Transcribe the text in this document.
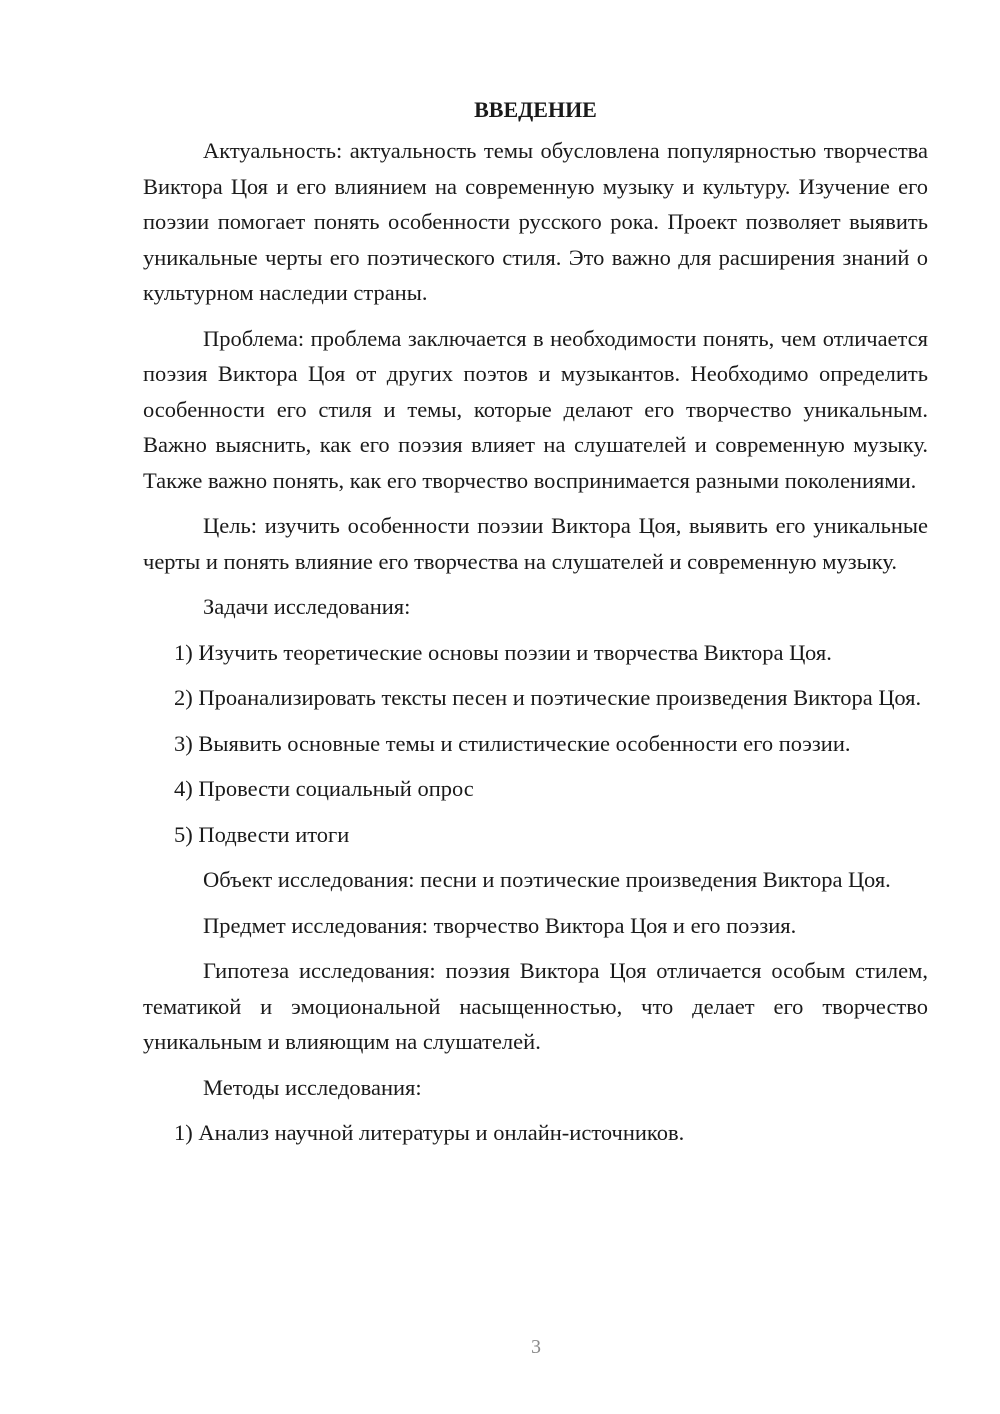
ВВЕДЕНИЕ

Актуальность: актуальность темы обусловлена популярностью творчества Виктора Цоя и его влиянием на современную музыку и культуру. Изучение его поэзии помогает понять особенности русского рока. Проект позволяет выявить уникальные черты его поэтического стиля. Это важно для расширения знаний о культурном наследии страны.

Проблема: проблема заключается в необходимости понять, чем отличается поэзия Виктора Цоя от других поэтов и музыкантов. Необходимо определить особенности его стиля и темы, которые делают его творчество уникальным. Важно выяснить, как его поэзия влияет на слушателей и современную музыку. Также важно понять, как его творчество воспринимается разными поколениями.

Цель: изучить особенности поэзии Виктора Цоя, выявить его уникальные черты и понять влияние его творчества на слушателей и современную музыку.

Задачи исследования:

1) Изучить теоретические основы поэзии и творчества Виктора Цоя.

2) Проанализировать тексты песен и поэтические произведения Виктора Цоя.

3) Выявить основные темы и стилистические особенности его поэзии.

4) Провести социальный опрос

5) Подвести итоги

Объект исследования: песни и поэтические произведения Виктора Цоя.

Предмет исследования: творчество Виктора Цоя и его поэзия.

Гипотеза исследования: поэзия Виктора Цоя отличается особым стилем, тематикой и эмоциональной насыщенностью, что делает его творчество уникальным и влияющим на слушателей.

Методы исследования:

1) Анализ научной литературы и онлайн-источников.

3
